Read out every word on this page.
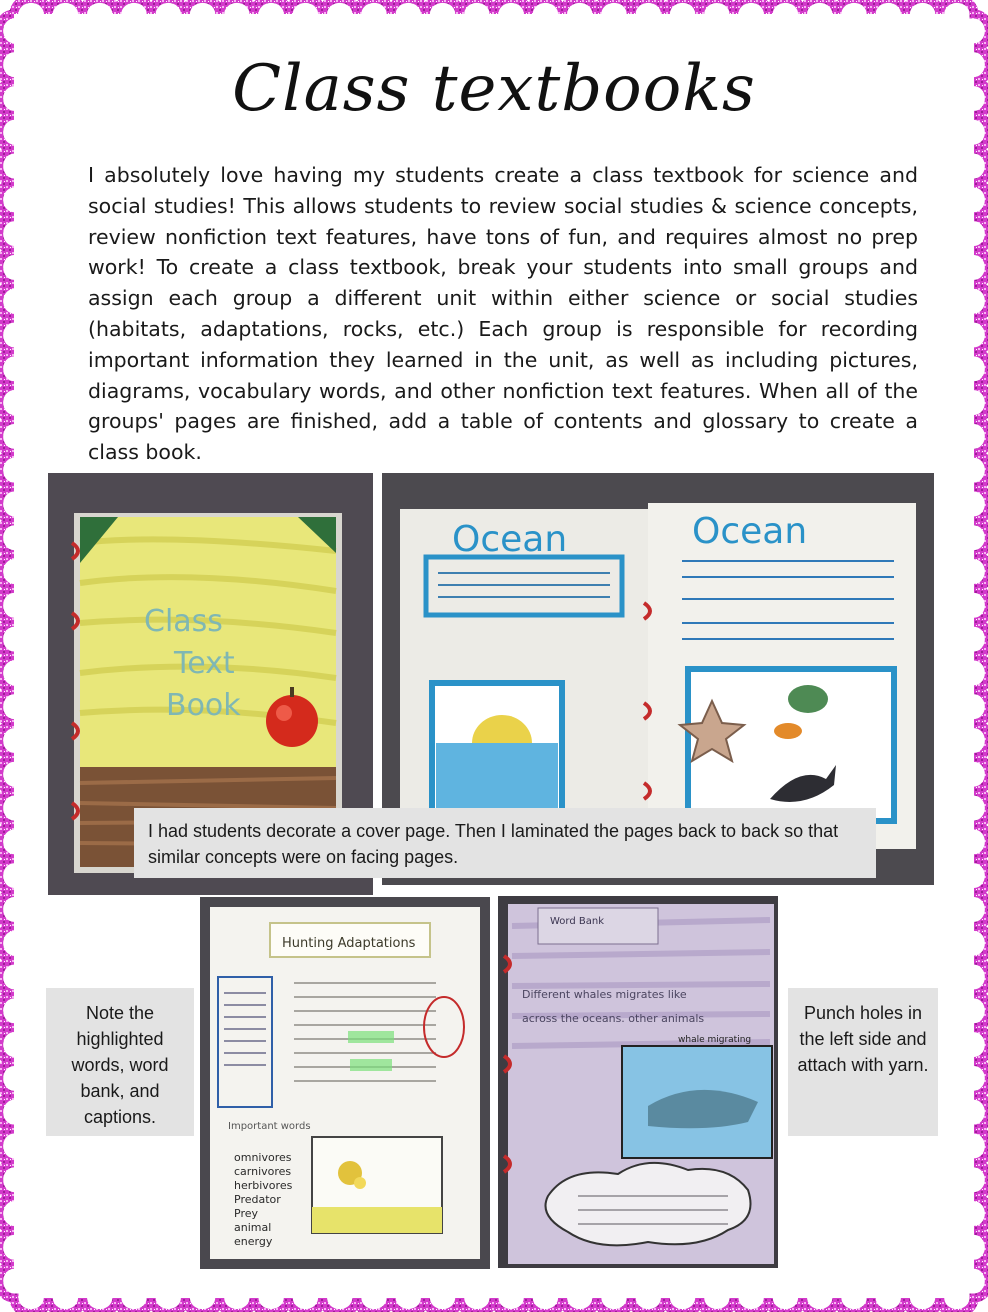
Class textbooks

I absolutely love having my students create a class textbook for science and social studies! This allows students to review social studies & science concepts, review nonfiction text features, have tons of fun, and requires almost no prep work! To create a class textbook, break your students into small groups and assign each group a different unit within either science or social studies (habitats, adaptations, rocks, etc.) Each group is responsible for recording important information they learned in the unit, as well as including pictures, diagrams, vocabulary words, and other nonfiction text features. When all of the groups' pages are finished, add a table of contents and glossary to create a class book.

Class
Text
Book
Ocean	Ocean
I had students decorate a cover page. Then I laminated the pages back to back so that similar concepts were on facing pages.
Hunting Adaptations
Important words
omnivores
carnivores
herbivores
Predator
Prey
animal
energy
Word Bank
Different whales migrates like
across the oceans. other animals
whale migrating
Note the highlighted words, word bank, and captions.
Punch holes in the left side and attach with yarn.
